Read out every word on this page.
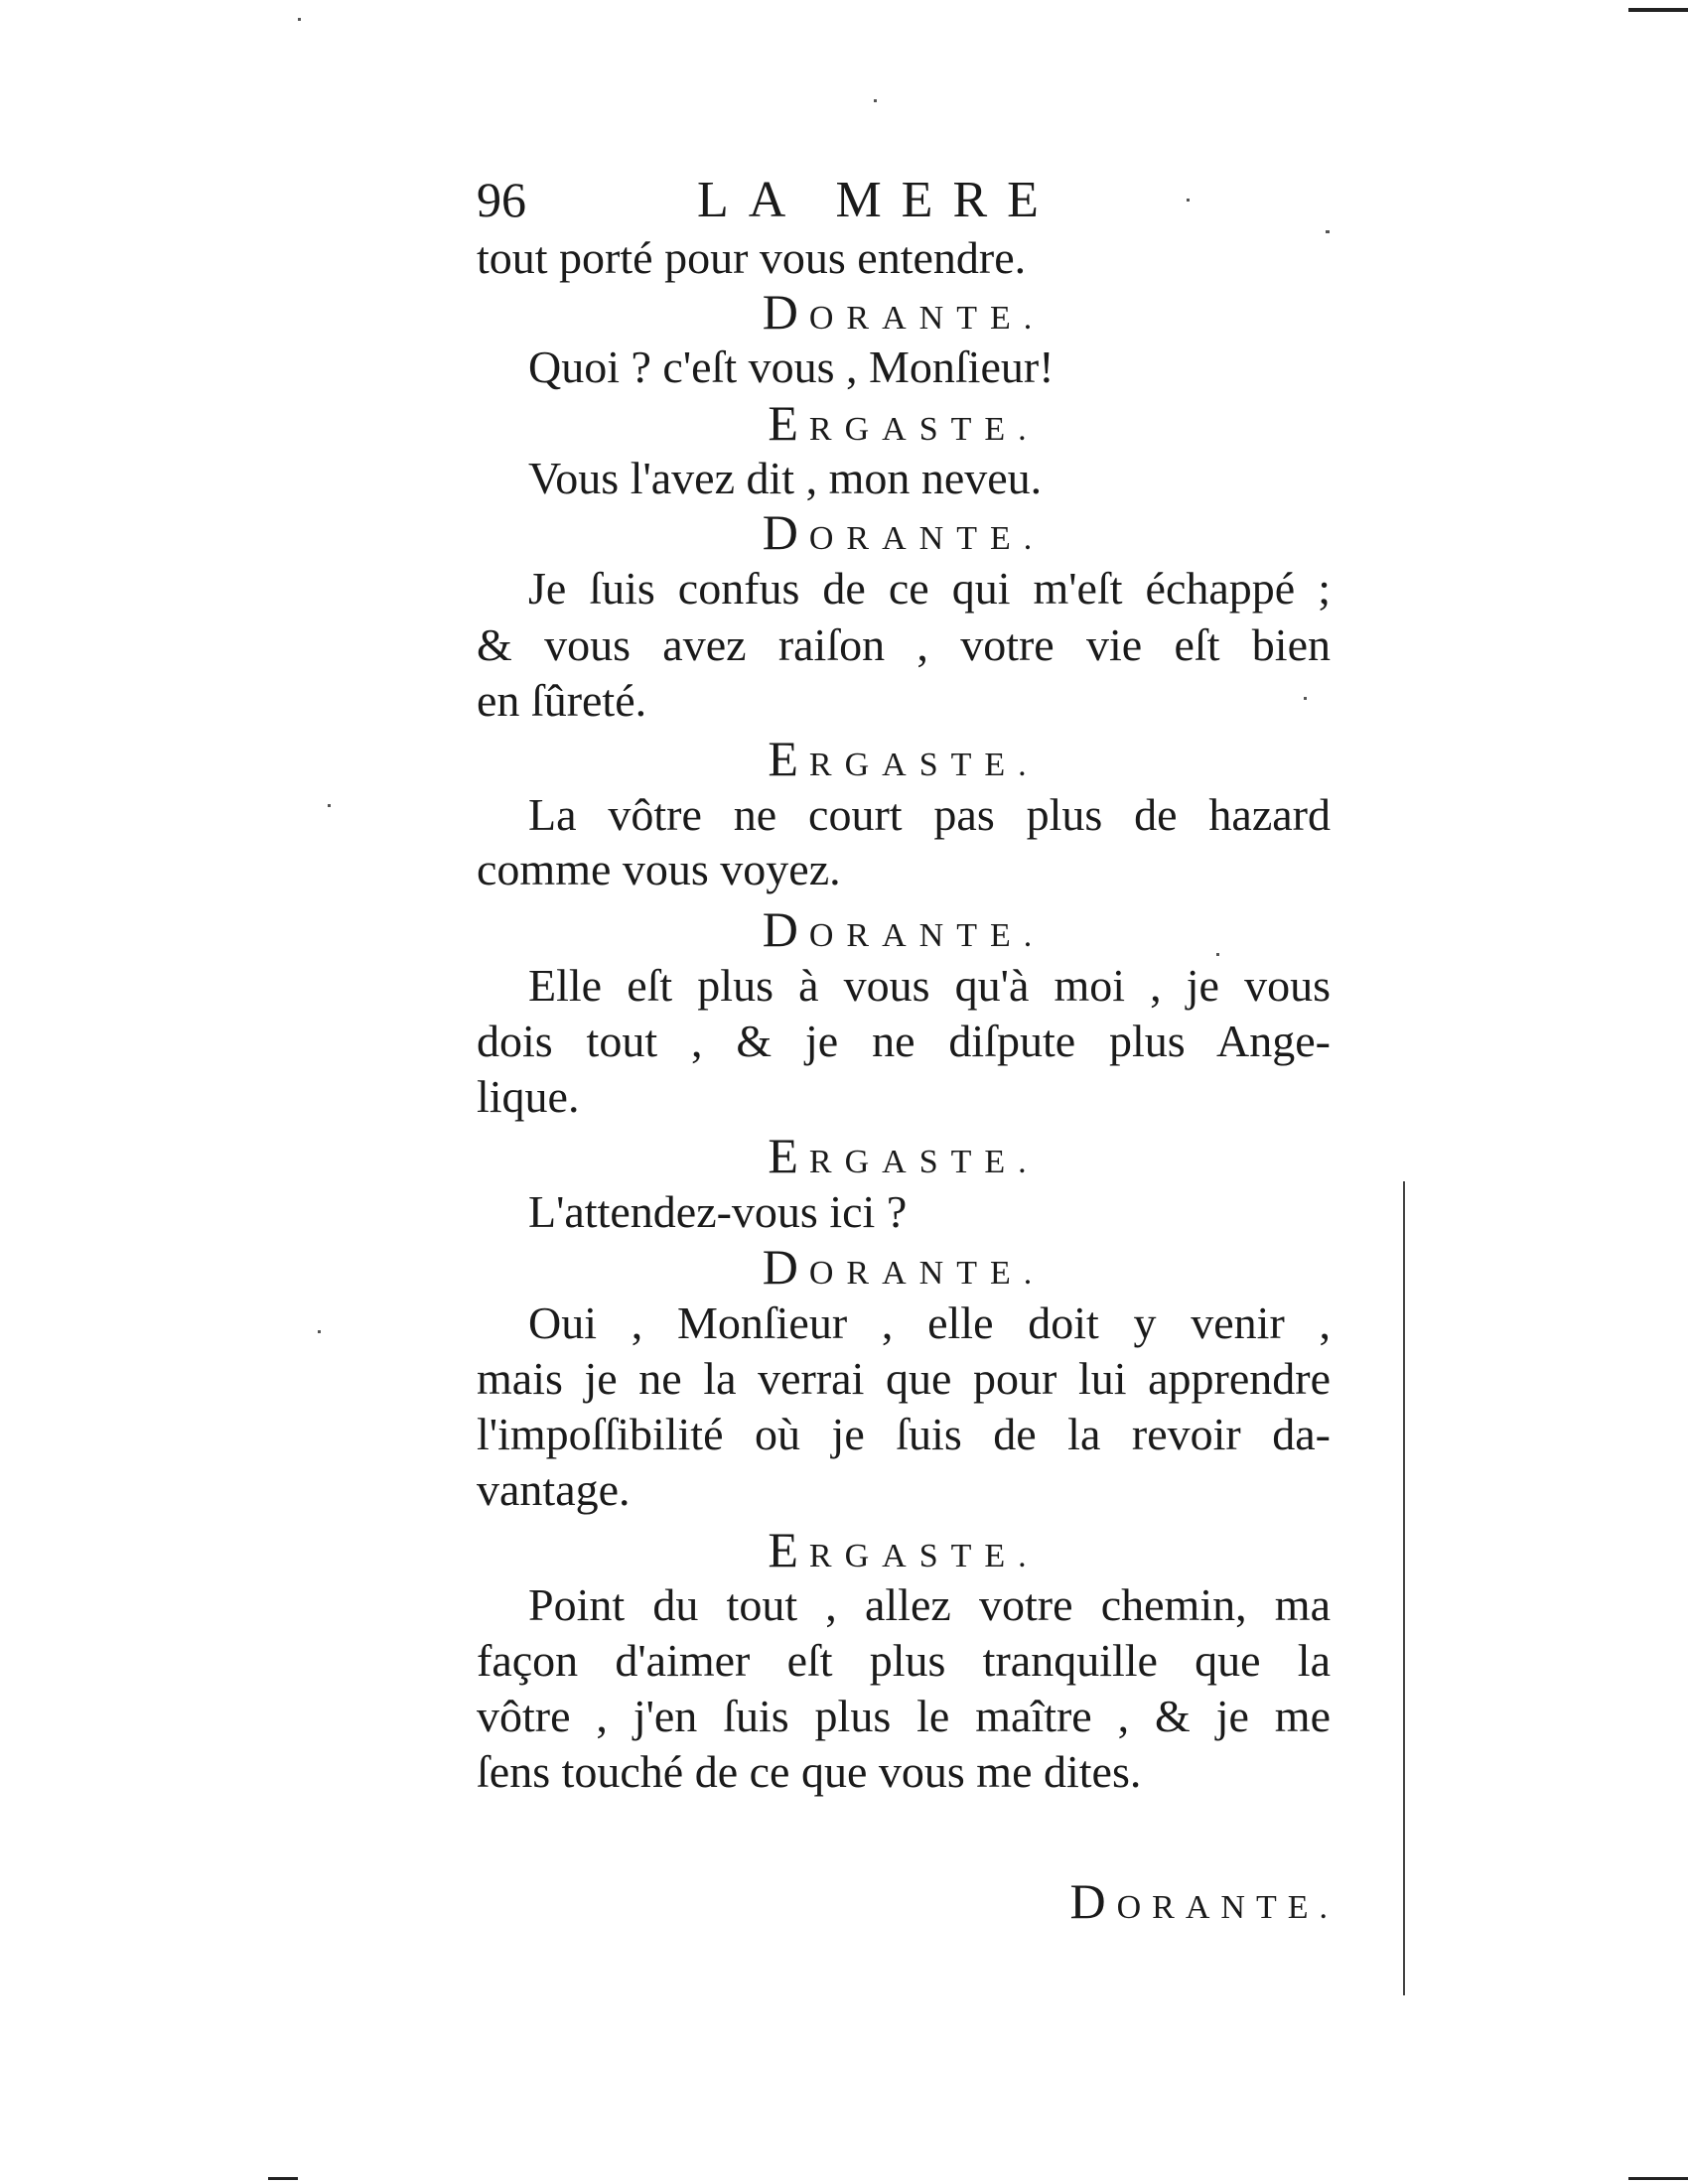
96	LA MERE

tout porté pour vous entendre.

DORANTE.

Quoi ? c'eſt vous , Monſieur!

ERGASTE.

Vous l'avez dit , mon neveu.

DORANTE.

Je ſuis confus de ce qui m'eſt échappé ;

& vous avez raiſon , votre vie eſt bien

en ſûreté.

ERGASTE.

La vôtre ne court pas plus de hazard

comme vous voyez.

DORANTE.

Elle eſt plus à vous qu'à moi , je vous

dois tout , & je ne diſpute plus Ange-

lique.

ERGASTE.

L'attendez-vous ici ?

DORANTE.

Oui , Monſieur , elle doit y venir ,

mais je ne la verrai que pour lui apprendre

l'impoſſibilité où je ſuis de la revoir da-

vantage.

ERGASTE.

Point du tout , allez votre chemin, ma

façon d'aimer eſt plus tranquille que la

vôtre , j'en ſuis plus le maître , & je me

ſens touché de ce que vous me dites.

DORANTE.
